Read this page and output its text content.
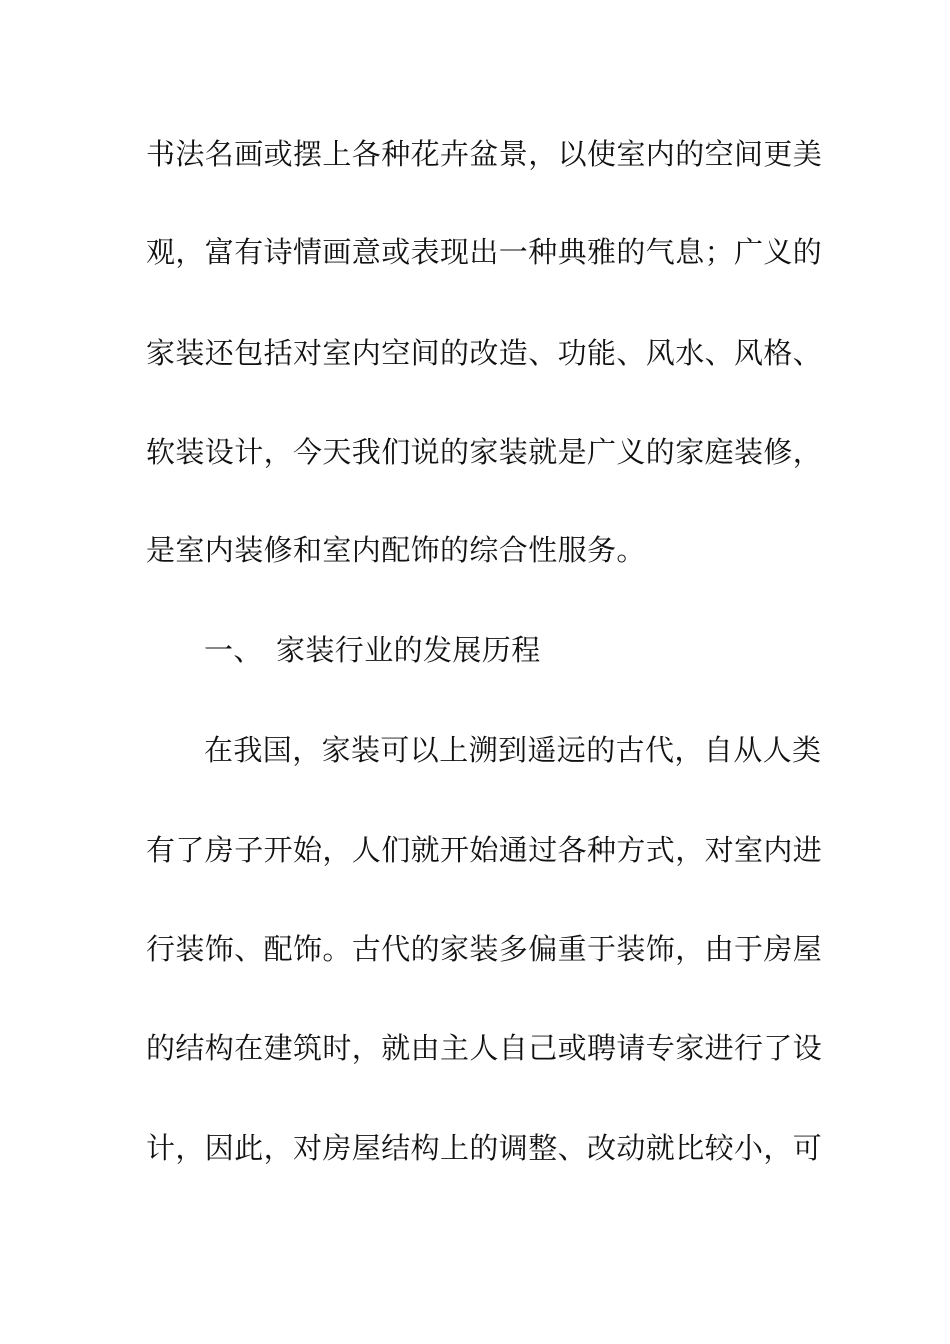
书法名画或摆上各种花卉盆景，以使室内的空间更美
观，富有诗情画意或表现出一种典雅的气息；广义的
家装还包括对室内空间的改造、功能、风水、风格、
软装设计，今天我们说的家装就是广义的家庭装修，
是室内装修和室内配饰的综合性服务。
一、 家装行业的发展历程
在我国，家装可以上溯到遥远的古代，自从人类
有了房子开始，人们就开始通过各种方式，对室内进
行装饰、配饰。古代的家装多偏重于装饰，由于房屋
的结构在建筑时，就由主人自己或聘请专家进行了设
计，因此，对房屋结构上的调整、改动就比较小，可
